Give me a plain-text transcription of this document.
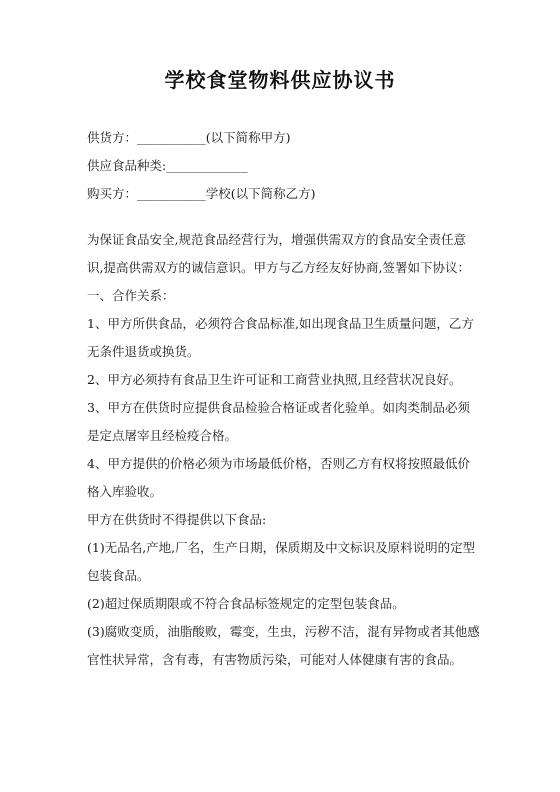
学校食堂物料供应协议书

供货方：___________(以下简称甲方)

供应食品种类:_____________

购买方：___________学校(以下简称乙方)

为保证食品安全,规范食品经营行为，增强供需双方的食品安全责任意识,提高供需双方的诚信意识。甲方与乙方经友好协商,签署如下协议：

一、合作关系：

1、甲方所供食品，必须符合食品标准,如出现食品卫生质量问题，乙方无条件退货或换货。

2、甲方必须持有食品卫生许可证和工商营业执照,且经营状况良好。

3、甲方在供货时应提供食品检验合格证或者化验单。如肉类制品必须是定点屠宰且经检疫合格。

4、甲方提供的价格必须为市场最低价格，否则乙方有权将按照最低价格入库验收。

甲方在供货时不得提供以下食品:

(1)无品名,产地,厂名，生产日期，保质期及中文标识及原料说明的定型包装食品。

(2)超过保质期限或不符合食品标签规定的定型包装食品。

(3)腐败变质，油脂酸败，霉变，生虫，污秽不洁，混有异物或者其他感官性状异常，含有毒，有害物质污染，可能对人体健康有害的食品。
